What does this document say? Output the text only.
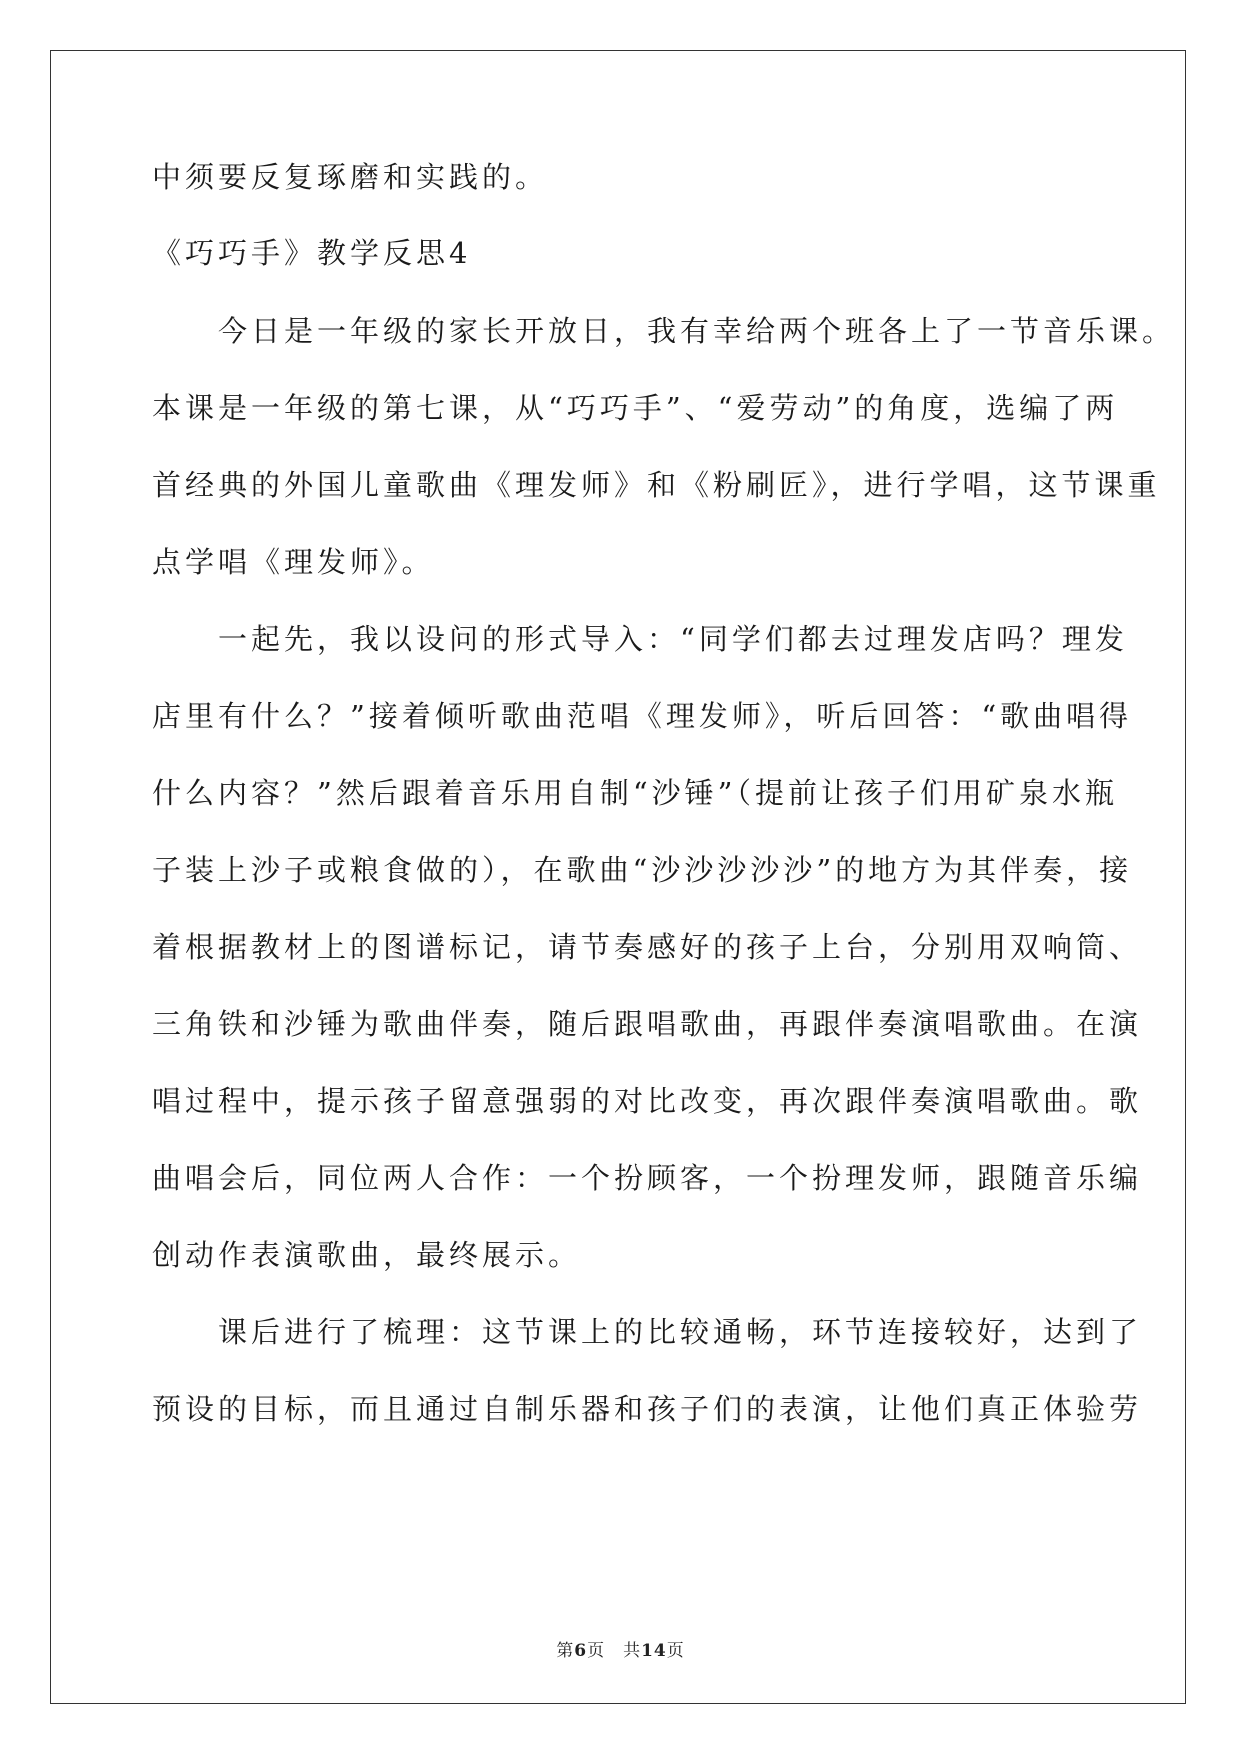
中须要反复琢磨和实践的。

《巧巧手》教学反思4

今日是一年级的家长开放日，我有幸给两个班各上了一节音乐课。

本课是一年级的第七课，从“巧巧手”、“爱劳动”的角度，选编了两

首经典的外国儿童歌曲《理发师》和《粉刷匠》，进行学唱，这节课重

点学唱《理发师》。

一起先，我以设问的形式导入：“同学们都去过理发店吗？理发

店里有什么？”接着倾听歌曲范唱《理发师》，听后回答：“歌曲唱得

什么内容？”然后跟着音乐用自制“沙锤”（提前让孩子们用矿泉水瓶

子装上沙子或粮食做的），在歌曲“沙沙沙沙沙”的地方为其伴奏，接

着根据教材上的图谱标记，请节奏感好的孩子上台，分别用双响筒、

三角铁和沙锤为歌曲伴奏，随后跟唱歌曲，再跟伴奏演唱歌曲。在演

唱过程中，提示孩子留意强弱的对比改变，再次跟伴奏演唱歌曲。歌

曲唱会后，同位两人合作：一个扮顾客，一个扮理发师，跟随音乐编

创动作表演歌曲，最终展示。

课后进行了梳理：这节课上的比较通畅，环节连接较好，达到了

预设的目标，而且通过自制乐器和孩子们的表演，让他们真正体验劳

第6页 共14页
